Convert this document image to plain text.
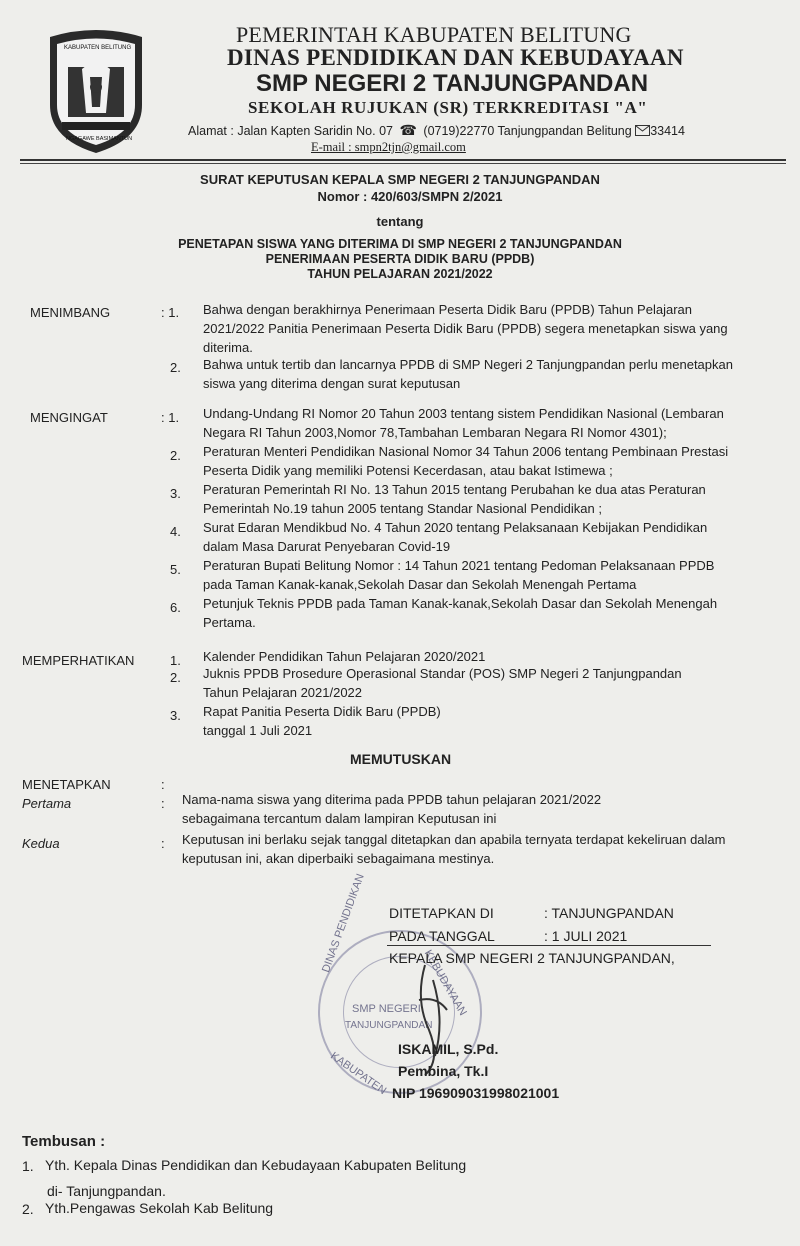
KABUPATEN BELITUNG
NGAGAWE BASIMANTUN
PEMERINTAH KABUPATEN BELITUNG
DINAS PENDIDIKAN DAN KEBUDAYAAN
SMP NEGERI 2 TANJUNGPANDAN
SEKOLAH RUJUKAN (SR) TERKREDITASI "A"
Alamat : Jalan Kapten Saridin No. 07 ☎ (0719)22770 Tanjungpandan Belitung 33414
E-mail : smpn2tjn@gmail.com
SURAT KEPUTUSAN KEPALA SMP NEGERI 2 TANJUNGPANDAN
Nomor : 420/603/SMPN 2/2021
tentang
PENETAPAN SISWA YANG DITERIMA DI SMP NEGERI 2 TANJUNGPANDAN
PENERIMAAN PESERTA DIDIK BARU (PPDB)
TAHUN PELAJARAN 2021/2022
MENIMBANG	: 1. Bahwa dengan berakhirnya Penerimaan Peserta Didik Baru (PPDB) Tahun Pelajaran
2021/2022 Panitia Penerimaan Peserta Didik Baru (PPDB) segera menetapkan siswa yang
diterima.
2. Bahwa untuk tertib dan lancarnya PPDB di SMP Negeri 2 Tanjungpandan perlu menetapkan
siswa yang diterima dengan surat keputusan
MENGINGAT	: 1. Undang-Undang RI Nomor 20 Tahun 2003 tentang sistem Pendidikan Nasional (Lembaran
Negara RI Tahun 2003,Nomor 78,Tambahan Lembaran Negara RI Nomor 4301);
2. Peraturan Menteri Pendidikan Nasional Nomor 34 Tahun 2006 tentang Pembinaan Prestasi
Peserta Didik yang memiliki Potensi Kecerdasan, atau bakat Istimewa ;
3. Peraturan Pemerintah RI No. 13 Tahun 2015 tentang Perubahan ke dua atas Peraturan
Pemerintah No.19 tahun 2005 tentang Standar Nasional Pendidikan ;
4. Surat Edaran Mendikbud No. 4 Tahun 2020 tentang Pelaksanaan Kebijakan Pendidikan
dalam Masa Darurat Penyebaran Covid-19
5. Peraturan Bupati Belitung Nomor : 14 Tahun 2021 tentang Pedoman Pelaksanaan PPDB
pada Taman Kanak-kanak,Sekolah Dasar dan Sekolah Menengah Pertama
6. Petunjuk Teknis PPDB pada Taman Kanak-kanak,Sekolah Dasar dan Sekolah Menengah
Pertama.
MEMPERHATIKAN	1. Kalender Pendidikan Tahun Pelajaran 2020/2021
2. Juknis PPDB Prosedure Operasional Standar (POS) SMP Negeri 2 Tanjungpandan
Tahun Pelajaran 2021/2022
3. Rapat Panitia Peserta Didik Baru (PPDB)
tanggal 1 Juli 2021
MEMUTUSKAN
MENETAPKAN	:
Pertama	: Nama-nama siswa yang diterima pada PPDB tahun pelajaran 2021/2022
sebagaimana tercantum dalam lampiran Keputusan ini
Kedua	: Keputusan ini berlaku sejak tanggal ditetapkan dan apabila ternyata terdapat kekeliruan dalam
keputusan ini, akan diperbaiki sebagaimana mestinya.
DINAS PENDIDIKAN
KEBUDAYAAN
SMP NEGERI
TANJUNGPANDAN
KABUPATEN
DITETAPKAN DI	: TANJUNGPANDAN
PADA TANGGAL	: 1 JULI 2021
KEPALA SMP NEGERI 2 TANJUNGPANDAN,
ISKAMIL, S.Pd.
Pembina, Tk.I
NIP 196909031998021001
Tembusan :
1. Yth. Kepala Dinas Pendidikan dan Kebudayaan Kabupaten Belitung
di- Tanjungpandan.
2. Yth.Pengawas Sekolah Kab Belitung
